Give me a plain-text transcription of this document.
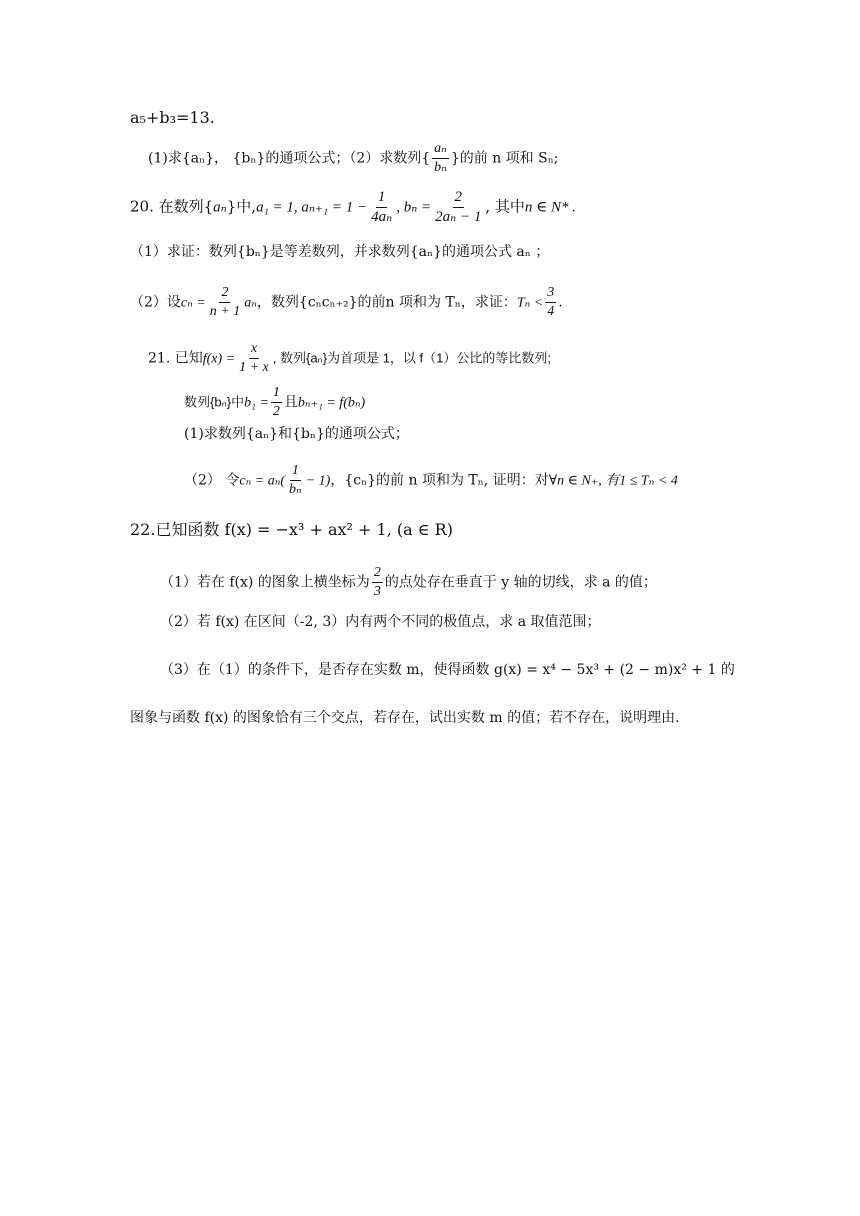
a₅+b₃=13.
(1)求{aₙ}， {bₙ}的通项公式；（2）求数列{ $\frac{\text{aₙ}}{\text{bₙ}}$ }的前 n 项和 Sₙ;
20. 在数列{aₙ}中,a₁ = 1, $a_{n+1} = 1 - \frac{1}{\text{4aₙ}}$ , $b_n = \frac{2}{\text{2aₙ − 1}}$ , 其中n ∈ N* .
（1）求证：数列{bₙ}是等差数列，并求数列{aₙ}的通项公式 aₙ ；
（2）设$c_n = \frac{2}{n + 1}$ aₙ，数列{cₙcₙ₊₂}的前n 项和为 Tₙ，求证：$T_n < \frac{3}{4}$ .
21. 已知$f(x) = \frac{x}{1 + x}$ , 数列{aₙ}为首项是 1，以 f（1）公比的等比数列;
数列{bₙ}中$b_1 = \frac{1}{2}$ 且bₙ₊₁ = f(bₙ)
(1)求数列{aₙ}和{bₙ}的通项公式；
（2） 令$c_n = a_n( \frac{1}{\text{bₙ}} - 1)$，{cₙ}的前 n 项和为 Tₙ, 证明：对∀n ∈ N₊, 有1 ≤ Tₙ < 4
22.已知函数 f(x) = −x³ + ax² + 1, (a ∈ R)
（1）若在 f(x) 的图象上横坐标为 $\frac{2}{3}$ 的点处存在垂直于 y 轴的切线，求 a 的值；
（2）若 f(x) 在区间（-2, 3）内有两个不同的极值点，求 a 取值范围；
（3）在（1）的条件下，是否存在实数 m，使得函数 g(x) = x⁴ − 5x³ + (2 − m)x² + 1 的
图象与函数 f(x) 的图象恰有三个交点，若存在，试出实数 m 的值；若不存在，说明理由.
